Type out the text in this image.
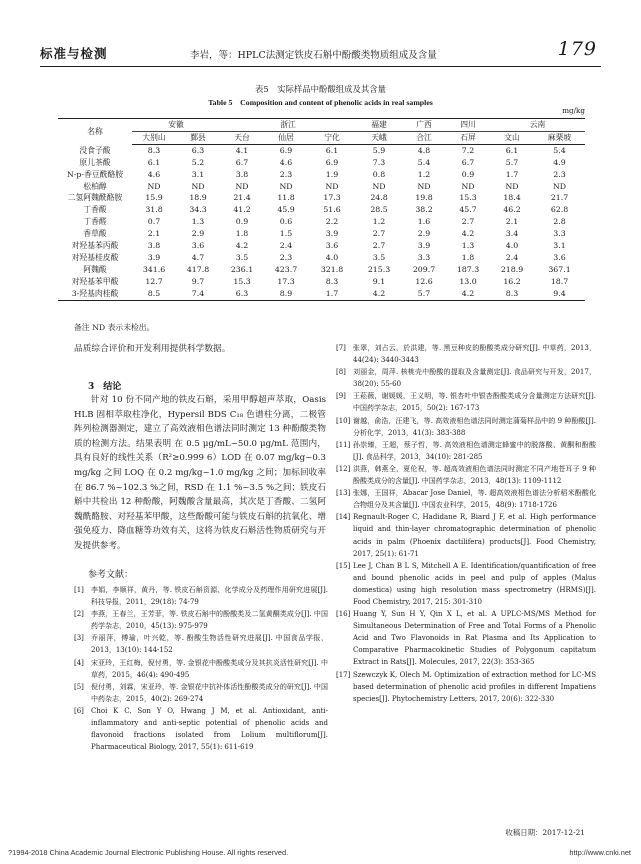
标准与检测	李岩，等：HPLC法测定铁皮石斛中酚酸类物质组成及含量	179
表5　实际样品中酚酸组成及其含量
Table 5　Composition and content of phenolic acids in real samples
mg/kg
名称	安徽		浙江			福建	广西	四川	云南	
	大别山	鄞县	天台	仙居	宁化	天峨	合江	石屏	文山	麻栗坡
没食子酸	8.3	6.3	4.1	6.9	6.1	5.9	4.8	7.2	6.1	5.4
原儿茶酸	6.1	5.2	6.7	4.6	6.9	7.3	5.4	6.7	5.7	4.9
N-p-香豆酰酪胺	4.6	3.1	3.8	2.3	1.9	0.8	1.2	0.9	1.7	2.3
松柏醇	ND	ND	ND	ND	ND	ND	ND	ND	ND	ND
二氢阿魏酰酪胺	15.9	18.9	21.4	11.8	17.3	24.8	19.8	15.3	18.4	21.7
丁香酸	31.8	34.3	41.2	45.9	51.6	28.5	38.2	45.7	46.2	62.8
丁香醛	0.7	1.3	0.9	0.6	2.2	1.2	1.6	2.7	2.1	2.8
香草酸	2.1	2.9	1.8	1.5	3.9	2.7	2.9	4.2	3.4	3.3
对羟基苯丙酸	3.8	3.6	4.2	2.4	3.6	2.7	3.9	1.3	4.0	3.1
对羟基桂皮酸	3.9	4.7	3.5	2.3	4.0	3.5	3.3	1.8	2.4	3.6
阿魏酸	341.6	417.8	236.1	423.7	321.8	215.3	209.7	187.3	218.9	367.1
对羟基苯甲酸	12.7	9.7	15.3	17.3	8.3	9.1	12.6	13.0	16.2	18.7
3-羟基肉桂酸	8.5	7.4	6.3	8.9	1.7	4.2	5.7	4.2	8.3	9.4
备注 ND 表示未检出。

品质综合评价和开发利用提供科学数据。

3　结论
针对 10 份不同产地的铁皮石斛，采用甲醇超声萃取，Oasis HLB 固相萃取柱净化，Hypersil BDS C₁₈ 色谱柱分离，二极管阵列检测器测定，建立了高效液相色谱法同时测定 13 种酚酸类物质的检测方法。结果表明 在 0.5 μg/mL~50.0 μg/mL 范围内，具有良好的线性关系（R²≥0.999 6）LOD 在 0.07 mg/kg~0.3 mg/kg 之间 LOQ 在 0.2 mg/kg~1.0 mg/kg 之间；加标回收率在 86.7 %~102.3 %之间，RSD 在 1.1 %~3.5 %之间；铁皮石斛中共检出 12 种酚酸，阿魏酸含量最高，其次是丁香酸、二氢阿魏酰酪胺、对羟基苯甲酸，这些酚酸可能与铁皮石斛的抗氧化、增强免疫力、降血糖等功效有关，这将为铁皮石斛活性物质研究与开发提供参考。
参考文献：

[1] 李娟，李顺祥，黄丹，等. 铁皮石斛资源、化学成分及药理作用研究进展[J]. 科技导报，2011，29(18): 74-79

[2] 李燕，王春兰，王芳菲，等. 铁皮石斛中的酚酸类及二氢黄酮类成分[J]. 中国药学杂志，2010，45(13): 975-979

[3] 乔丽萍，傅瑜，叶兴乾，等. 酚酸生物活性研究进展[J]. 中国食品学报，2013，13(10): 144-152

[4] 宋亚玲，王红梅，倪付勇，等. 金银花中酚酸类成分及其抗炎活性研究[J]. 中草药，2015，46(4): 490-495

[5] 倪付勇，刘霖，宋亚玲，等. 金银花中抗补体活性酚酸类成分的研究[J]. 中国中药杂志，2015，40(2): 269-274

[6] Choi K C, Son Y O, Hwang J M, et al. Antioxidant, anti-inflammatory and anti-septic potential of phenolic acids and flavonoid fractions isolated from Lolium multiflorum[J]. Pharmaceutical Biology, 2017, 55(1): 611-619

[7] 张翠，刘占云，於洪建，等. 黑豆种皮的酚酸类成分研究[J]. 中草药，2013，44(24): 3440-3443

[8] 刘丽金，周萍. 核桃壳中酚酸的提取及含量测定[J]. 食品研究与开发，2017，38(20): 55-60

[9] 王菘薇，谢媛媛，王义明，等. 银杏叶中银杏酚酸类成分含量测定方法研究[J]. 中国药学杂志，2015，50(2): 167-173

[10] 谢越，俞浩，汪建飞，等. 高效液相色谱法同时测定蒲菊样品中的 9 种酚酸[J]. 分析化学，2013，41(3): 383-388

[11] 孙崇臻，王超，蔡子哲，等. 高效液相色谱测定蜂蜜中的脱落酸、黄酮和酚酸[J]. 食品科学，2013，34(10): 281-285

[12] 洪燕，韩燕全，夏伦祝，等. 超高效液相色谱法同时测定不同产地苍耳子 9 种酚酸类成分的含量[J]. 中国药学杂志，2013，48(13): 1109-1112

[13] 张娜，王国祥，Abacar Jose Daniel，等. 超高效液相色谱法分析稻米酚酸化合物组分及其含量[J]. 中国农业科学，2015，48(9): 1718-1726

[14] Regnault-Roger C, Hadidane R, Biard J F, et al. High performance liquid and thin-layer chromatographic determination of phenolic acids in palm (Phoenix dactilifera) products[J]. Food Chemistry, 2017, 25(1): 61-71

[15] Lee J, Chan B L S, Mitchell A E. Identification/quantification of free and bound phenolic acids in peel and pulp of apples (Malus domestica) using high resolution mass spectrometry (HRMS)[J]. Food Chemistry, 2017, 215: 301-310

[16] Huang Y, Sun H Y, Qin X L, et al. A UPLC-MS/MS Method for Simultaneous Determination of Free and Total Forms of a Phenolic Acid and Two Flavonoids in Rat Plasma and Its Application to Comparative Pharmacokinetic Studies of Polygonum capitatum Extract in Rats[J]. Molecules, 2017, 22(3): 353-365

[17] Szewczyk K, Olech M. Optimization of extraction method for LC-MS based determination of phenolic acid profiles in different Impatiens species[J]. Phytochemistry Letters, 2017, 20(6): 322-330

收稿日期：2017-12-21
?1994-2018 China Academic Journal Electronic Publishing House. All rights reserved.	http://www.cnki.net
